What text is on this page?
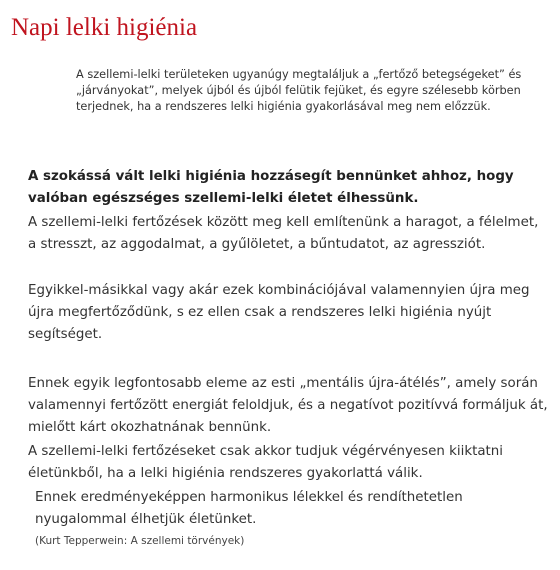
Napi lelki higiénia

A szellemi-lelki területeken ugyanúgy megtaláljuk a „fertőző betegségeket” és „járványokat”, melyek újból és újból felütik fejüket, és egyre szélesebb körben terjednek, ha a rendszeres lelki higiénia gyakorlásával meg nem előzzük.

A szokássá vált lelki higiénia hozzásegít bennünket ahhoz, hogy valóban egészséges szellemi-lelki életet élhessünk.

A szellemi-lelki fertőzések között meg kell említenünk a haragot, a félelmet, a stresszt, az aggodalmat, a gyűlöletet, a bűntudatot, az agressziót.

Egyikkel-másikkal vagy akár ezek kombinációjával valamennyien újra meg újra megfertőződünk, s ez ellen csak a rendszeres lelki higiénia nyújt segítséget.

Ennek egyik legfontosabb eleme az esti „mentális újra-átélés”, amely során valamennyi fertőzött energiát feloldjuk, és a negatívot pozitívvá formáljuk át, mielőtt kárt okozhatnának bennünk.

A szellemi-lelki fertőzéseket csak akkor tudjuk végérvényesen kiiktatni életünkből, ha a lelki higiénia rendszeres gyakorlattá válik.

Ennek eredményeképpen harmonikus lélekkel és rendíthetetlen nyugalommal élhetjük életünket.

(Kurt Tepperwein: A szellemi törvények)
